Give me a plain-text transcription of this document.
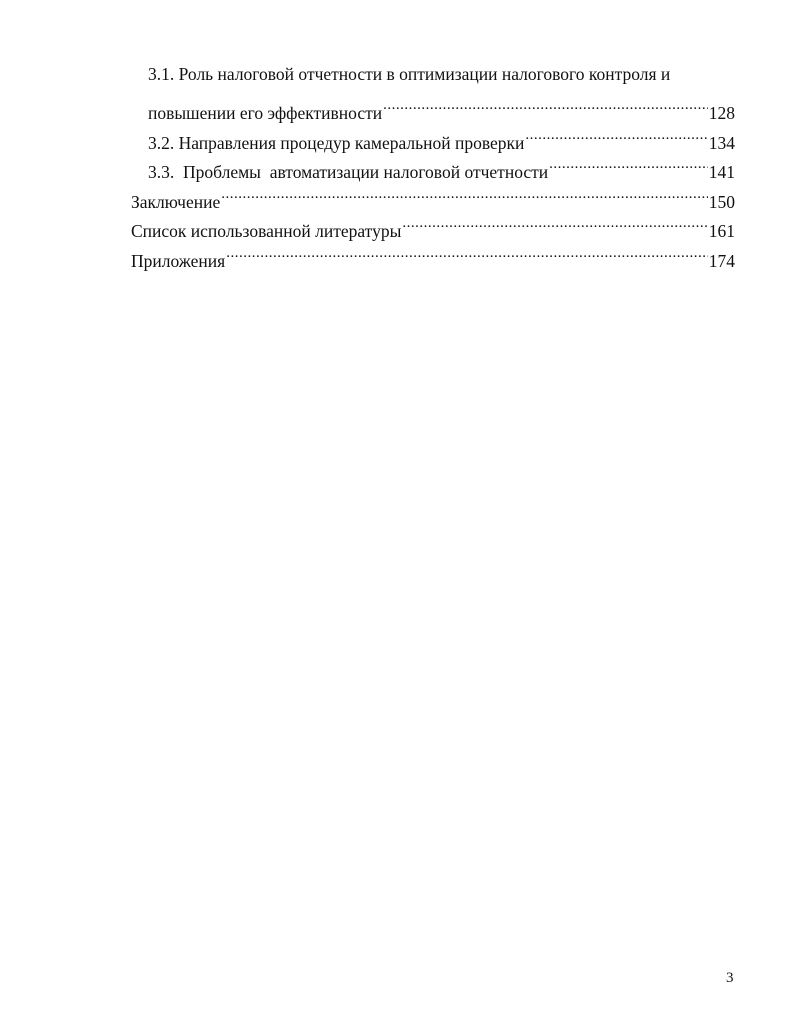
3.1. Роль налоговой отчетности в оптимизации налогового контроля и
повышении его эффективности .....	128
3.2. Направления процедур камеральной проверки .....	134
3.3.  Проблемы  автоматизации налоговой отчетности .....	141
Заключение .....	150
Список использованной литературы .....	161
Приложения .....	174
3
